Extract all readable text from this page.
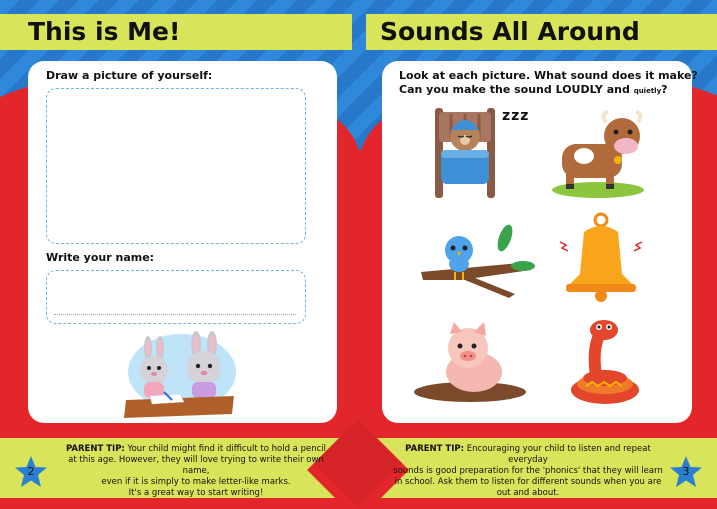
This is Me!	Sounds All Around

Draw a picture of yourself:

Write your name:

Look at each picture. What sound does it make?

Can you make the sound LOUDLY and quietly?

zzz

PARENT TIP: Your child might find it difficult to hold a pencil
at this age. However, they will love trying to write their own name,
even if it is simply to make letter-like marks.
It's a great way to start writing!

PARENT TIP: Encouraging your child to listen and repeat everyday
sounds is good preparation for the 'phonics' that they will learn
in school. Ask them to listen for different sounds when you are
out and about.

2	3
